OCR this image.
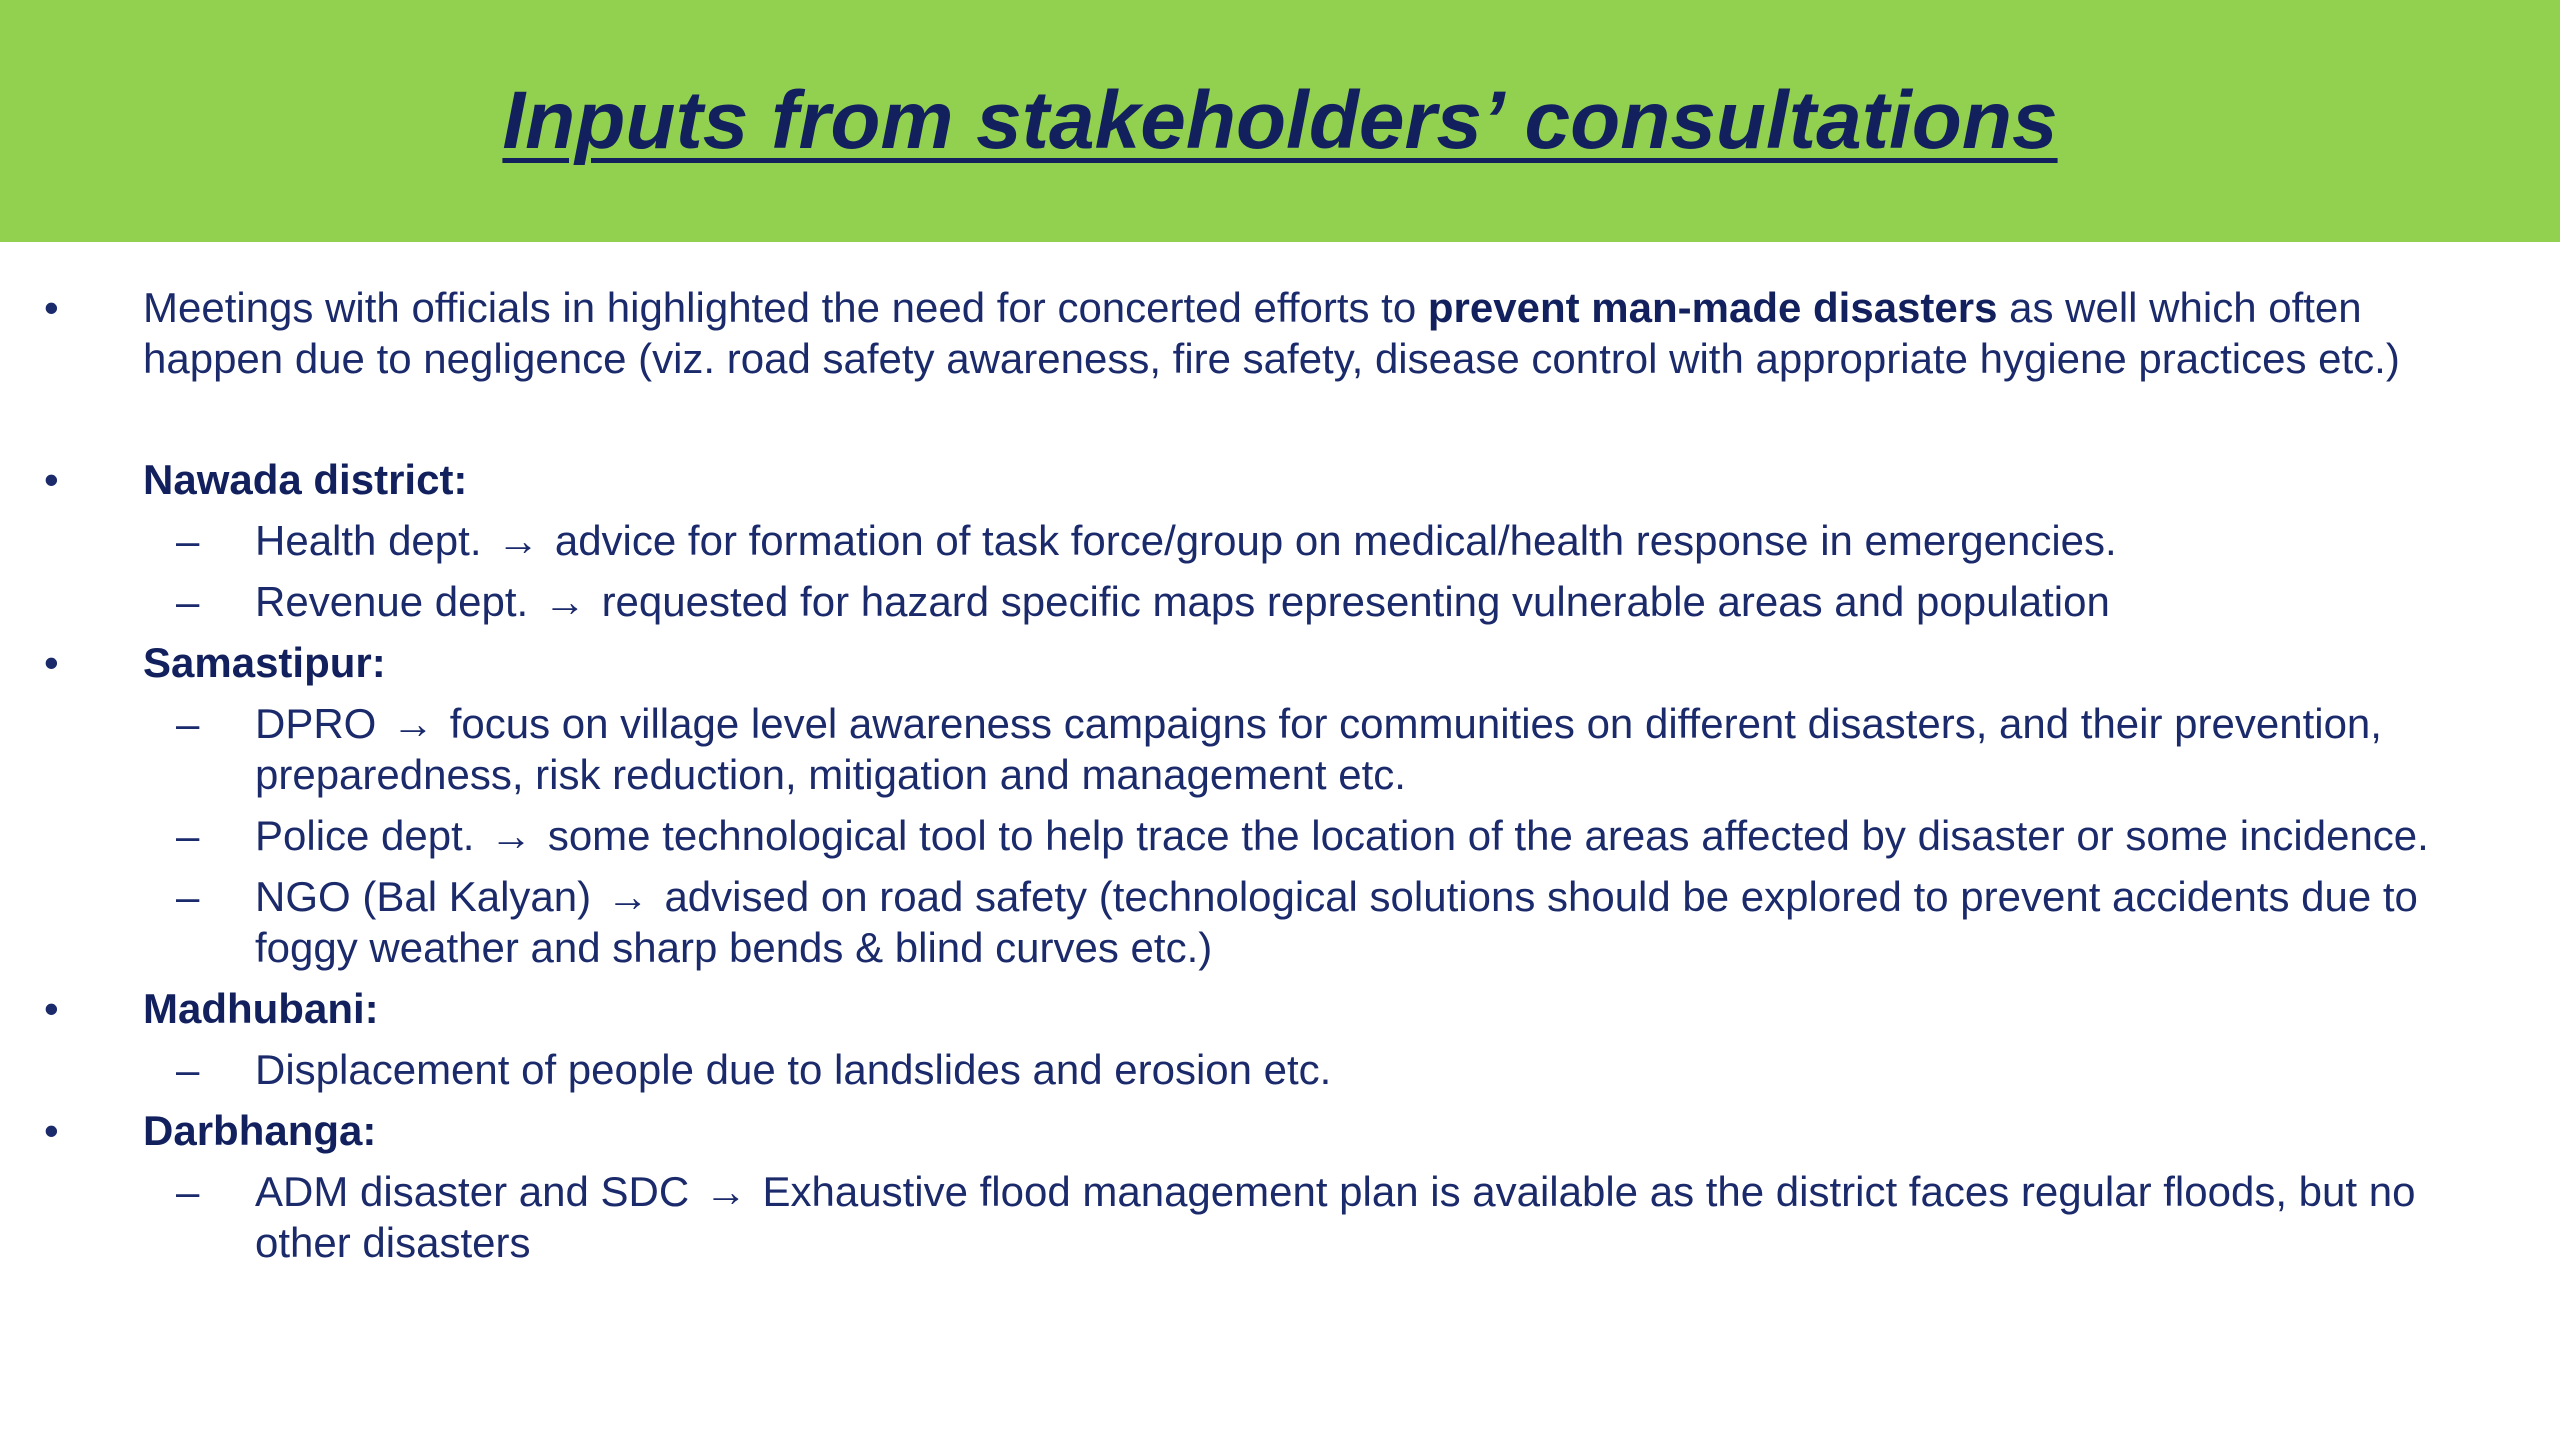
Inputs from stakeholders’ consultations
• Meetings with officials in highlighted the need for concerted efforts to prevent man-made disasters as well which often happen due to negligence (viz. road safety awareness, fire safety, disease control with appropriate hygiene practices etc.)
• Nawada district:
– Health dept. → advice for formation of task force/group on medical/health response in emergencies.
– Revenue dept. → requested for hazard specific maps representing vulnerable areas and population
• Samastipur:
– DPRO → focus on village level awareness campaigns for communities on different disasters, and their prevention, preparedness, risk reduction, mitigation and management etc.
– Police dept. → some technological tool to help trace the location of the areas affected by disaster or some incidence.
– NGO (Bal Kalyan) → advised on road safety (technological solutions should be explored to prevent accidents due to foggy weather and sharp bends & blind curves etc.)
• Madhubani:
– Displacement of people due to landslides and erosion etc.
• Darbhanga:
– ADM disaster and SDC → Exhaustive flood management plan is available as the district faces regular floods, but no other disasters
